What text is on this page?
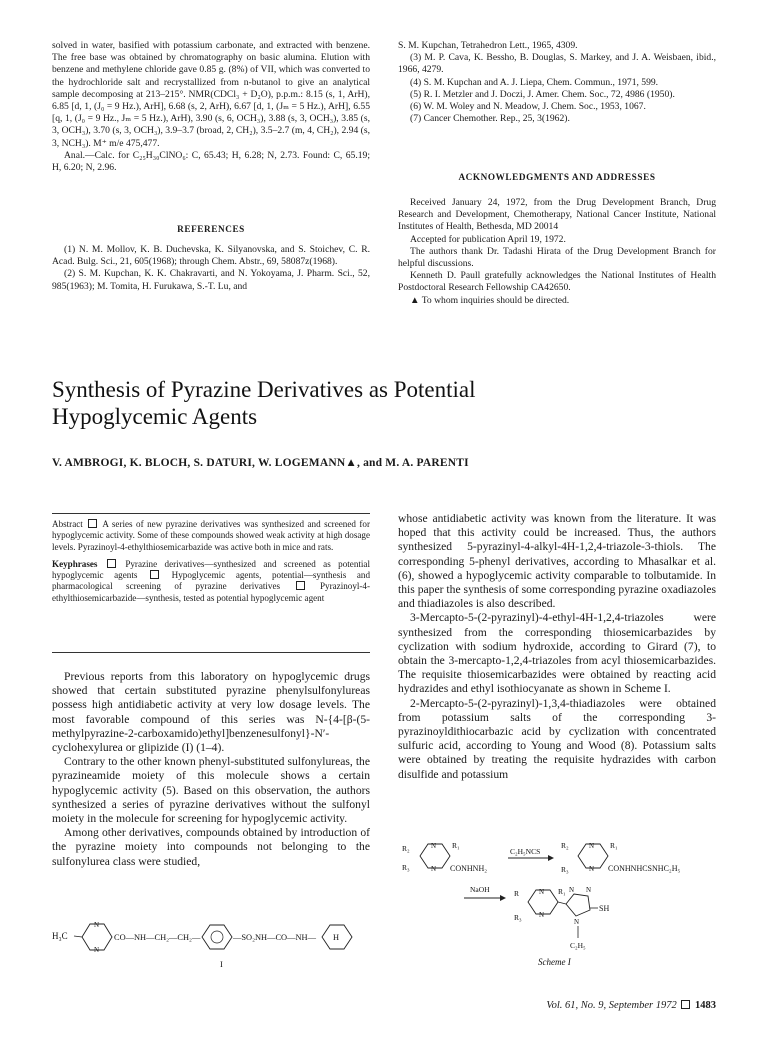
solved in water, basified with potassium carbonate, and extracted with benzene. The free base was obtained by chromatography on basic alumina. Elution with benzene and methylene chloride gave 0.85 g. (8%) of VII, which was converted to the hydrochloride salt and recrystallized from n-butanol to give an analytical sample decomposing at 213–215°. NMR(CDCl₃ + D₂O), p.p.m.: 8.15 (s, 1, ArH), 6.85 [d, 1, (J₀ = 9 Hz.), ArH], 6.68 (s, 2, ArH), 6.67 [d, 1, (Jₘ = 5 Hz.), ArH], 6.55 [q, 1, (J₀ = 9 Hz., Jₘ = 5 Hz.), ArH), 3.90 (s, 6, OCH₃), 3.88 (s, 3, OCH₃), 3.85 (s, 3, OCH₃), 3.70 (s, 3, OCH₃), 3.9–3.7 (broad, 2, CH₂), 3.5–2.7 (m, 4, CH₂), 2.94 (s, 3, NCH₃). M⁺ m/e 475,477.

Anal.—Calc. for C₂₅H₃₀ClNO₆: C, 65.43; H, 6.28; N, 2.73. Found: C, 65.19; H, 6.20; N, 2.96.

REFERENCES

(1) N. M. Mollov, K. B. Duchevska, K. Silyanovska, and S. Stoichev, C. R. Acad. Bulg. Sci., 21, 605(1968); through Chem. Abstr., 69, 58087z(1968).

(2) S. M. Kupchan, K. K. Chakravarti, and N. Yokoyama, J. Pharm. Sci., 52, 985(1963); M. Tomita, H. Furukawa, S.-T. Lu, and

S. M. Kupchan, Tetrahedron Lett., 1965, 4309.

(3) M. P. Cava, K. Bessho, B. Douglas, S. Markey, and J. A. Weisbaen, ibid., 1966, 4279.

(4) S. M. Kupchan and A. J. Liepa, Chem. Commun., 1971, 599.

(5) R. I. Metzler and J. Doczi, J. Amer. Chem. Soc., 72, 4986 (1950).

(6) W. M. Woley and N. Meadow, J. Chem. Soc., 1953, 1067.

(7) Cancer Chemother. Rep., 25, 3(1962).

ACKNOWLEDGMENTS AND ADDRESSES

Received January 24, 1972, from the Drug Development Branch, Drug Research and Development, Chemotherapy, National Cancer Institute, National Institutes of Health, Bethesda, MD 20014

Accepted for publication April 19, 1972.

The authors thank Dr. Tadashi Hirata of the Drug Development Branch for helpful discussions.

Kenneth D. Paull gratefully acknowledges the National Institutes of Health Postdoctoral Research Fellowship CA42650.

▲ To whom inquiries should be directed.

Synthesis of Pyrazine Derivatives as Potential
Hypoglycemic Agents
V. AMBROGI, K. BLOCH, S. DATURI, W. LOGEMANN▲, and M. A. PARENTI

Abstract A series of new pyrazine derivatives was synthesized and screened for hypoglycemic activity. Some of these compounds showed weak activity at high dosage levels. Pyrazinoyl-4-ethylthiosemicarbazide was active both in mice and rats.

Keyphrases	Pyrazine derivatives—synthesized and screened as potential hypoglycemic agents	Hypoglycemic agents, potential—synthesis and pharmacological screening of pyrazine derivatives	Pyrazinoyl-4-ethylthiosemicarbazide—synthesis, tested as potential hypoglycemic agent

Previous reports from this laboratory on hypoglycemic drugs showed that certain substituted pyrazine phenylsulfonylureas possess high antidiabetic activity at very low dosage levels. The most favorable compound of this series was N-{4-[β-(5-methylpyrazine-2-carboxamido)ethyl]benzenesulfonyl}-N′-cyclohexylurea or glipizide (I) (1–4).

Contrary to the other known phenyl-substituted sulfonylureas, the pyrazineamide moiety of this molecule shows a certain hypoglycemic activity (5). Based on this observation, the authors synthesized a series of pyrazine derivatives without the sulfonyl moiety in the molecule for screening for hypoglycemic activity.

Among other derivatives, compounds obtained by introduction of the pyrazine moiety into compounds not belonging to the sulfonylurea class were studied,

H₃C
N
N
CO—NH—CH₂—CH₂—	—SO₂NH—CO—NH— H
I

whose antidiabetic activity was known from the literature. It was hoped that this activity could be increased. Thus, the authors synthesized 5-pyrazinyl-4-alkyl-4H-1,2,4-triazole-3-thiols. The corresponding 5-phenyl derivatives, according to Mhasalkar et al. (6), showed a hypoglycemic activity comparable to tolbutamide. In this paper the synthesis of some corresponding pyrazine oxadiazoles and thiadiazoles is also described.

3-Mercapto-5-(2-pyrazinyl)-4-ethyl-4H-1,2,4-triazoles were synthesized from the corresponding thiosemicarbazides by cyclization with sodium hydroxide, according to Girard (7), to obtain the 3-mercapto-1,2,4-triazoles from acyl thiosemicarbazides. The requisite thiosemicarbazides were obtained by reacting acid hydrazides and ethyl isothiocyanate as shown in Scheme I.

2-Mercapto-5-(2-pyrazinyl)-1,3,4-thiadiazoles were obtained from potassium salts of the corresponding 3-pyrazinoyldithiocarbazic acid by cyclization with concentrated sulfuric acid, according to Young and Wood (8). Potassium salts were obtained by treating the requisite hydrazides with carbon disulfide and potassium

N
N
R₂	R₁
R₃	CONHNH₂
C₂H₅NCS
N
N
R₂	R₁
R₃	CONHNHCSNHC₂H₅
NaOH	N
N
R	R₁
R₃
N N
N
SH
C₂H₅
Scheme I
Vol. 61, No. 9, September 1972 1483
